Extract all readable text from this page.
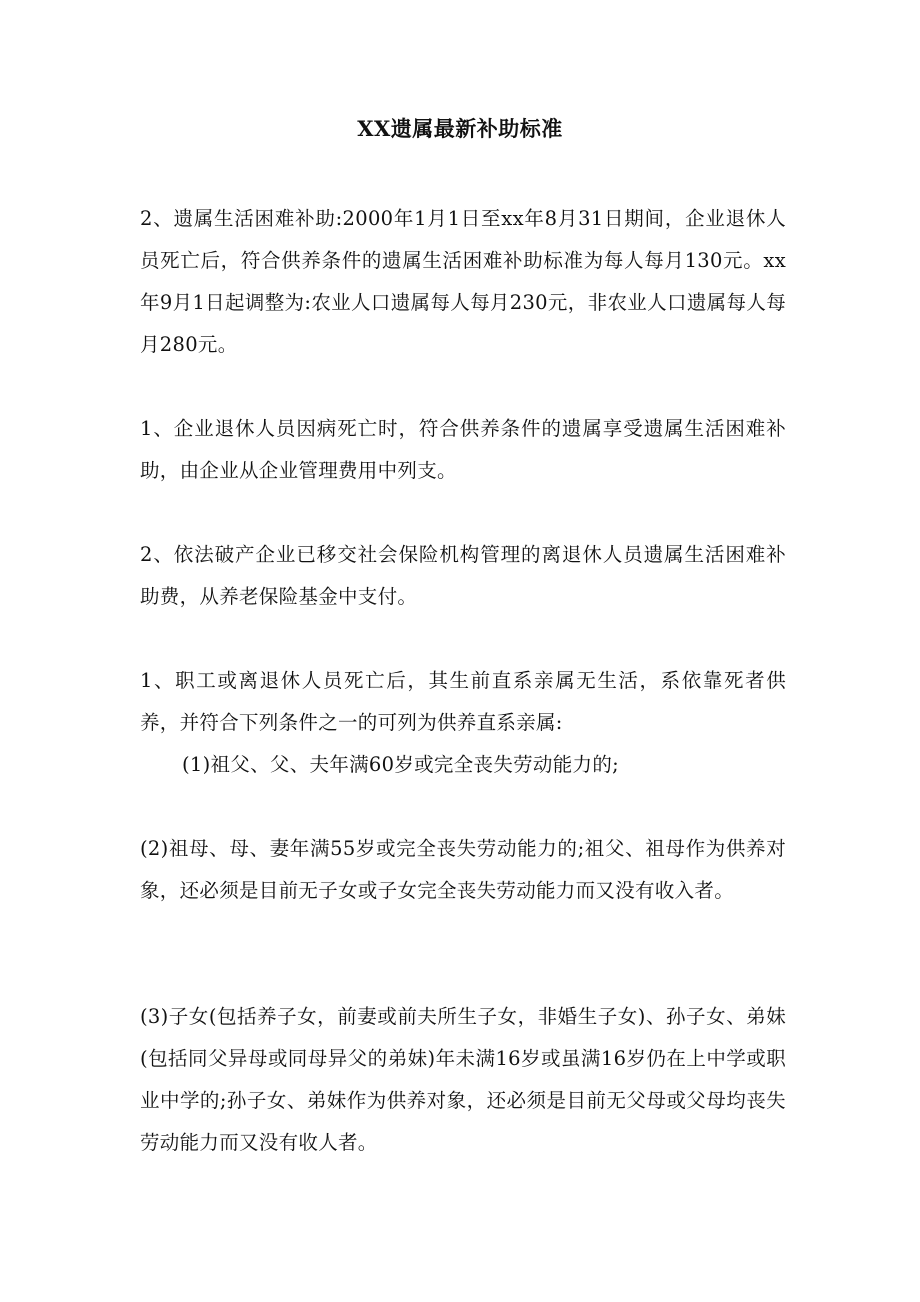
XX遗属最新补助标准

2、遗属生活困难补助:2000年1月1日至xx年8月31日期间，企业退休人员死亡后，符合供养条件的遗属生活困难补助标准为每人每月130元。xx年9月1日起调整为:农业人口遗属每人每月230元，非农业人口遗属每人每月280元。

1、企业退休人员因病死亡时，符合供养条件的遗属享受遗属生活困难补助，由企业从企业管理费用中列支。

2、依法破产企业已移交社会保险机构管理的离退休人员遗属生活困难补助费，从养老保险基金中支付。

1、职工或离退休人员死亡后，其生前直系亲属无生活，系依靠死者供养，并符合下列条件之一的可列为供养直系亲属:

(1)祖父、父、夫年满60岁或完全丧失劳动能力的;

(2)祖母、母、妻年满55岁或完全丧失劳动能力的;祖父、祖母作为供养对象，还必须是目前无子女或子女完全丧失劳动能力而又没有收入者。

(3)子女(包括养子女，前妻或前夫所生子女，非婚生子女)、孙子女、弟妹(包括同父异母或同母异父的弟妹)年未满16岁或虽满16岁仍在上中学或职业中学的;孙子女、弟妹作为供养对象，还必须是目前无父母或父母均丧失劳动能力而又没有收人者。
